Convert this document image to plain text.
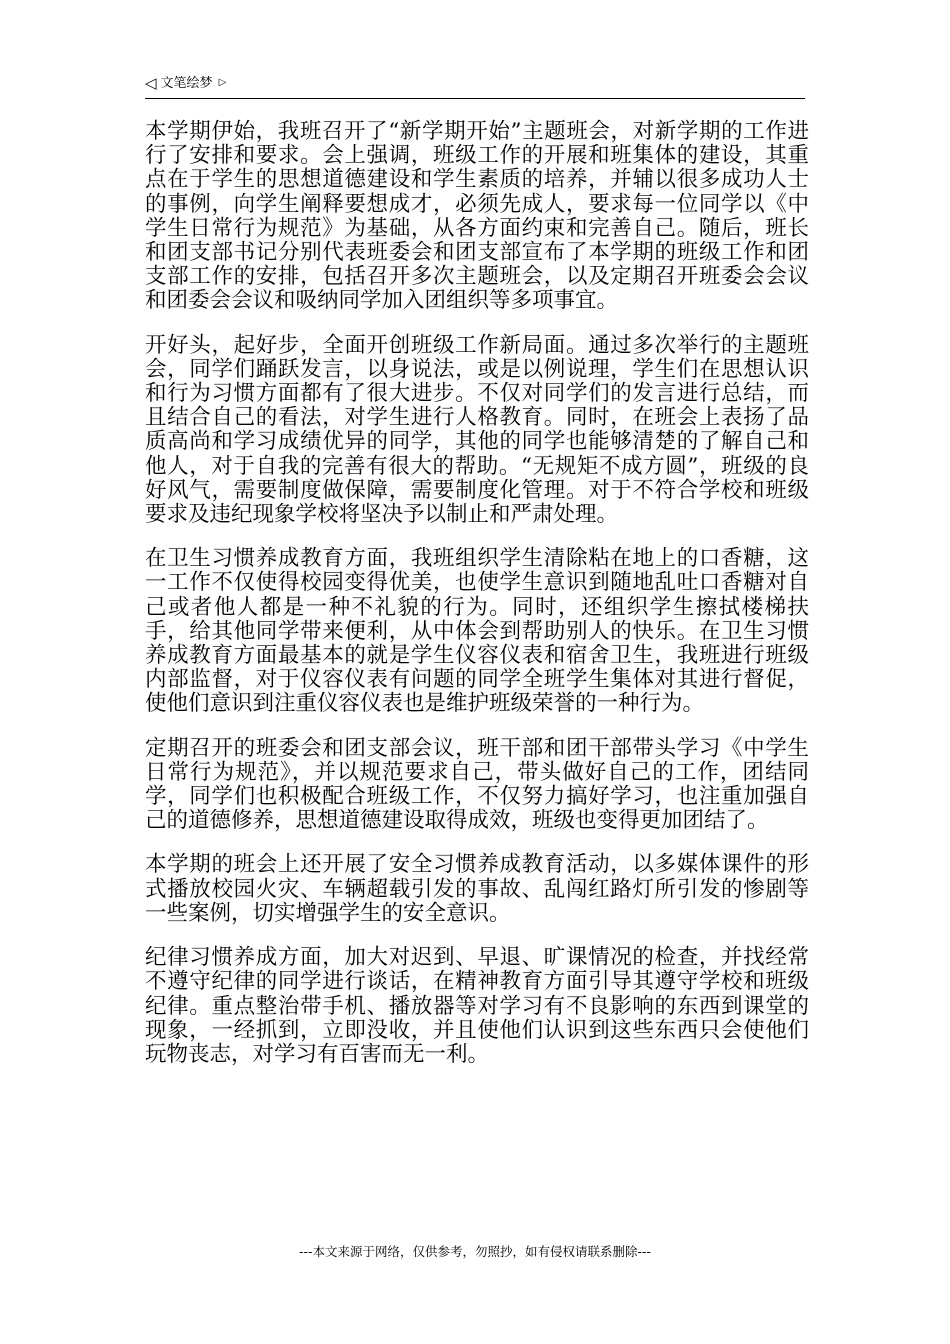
◁ 文笔绘梦 ▷

本学期伊始，我班召开了“新学期开始”主题班会，对新学期的工作进行了安排和要求。会上强调，班级工作的开展和班集体的建设，其重点在于学生的思想道德建设和学生素质的培养，并辅以很多成功人士的事例，向学生阐释要想成才，必须先成人，要求每一位同学以《中学生日常行为规范》为基础，从各方面约束和完善自己。随后，班长和团支部书记分别代表班委会和团支部宣布了本学期的班级工作和团支部工作的安排，包括召开多次主题班会，以及定期召开班委会会议和团委会会议和吸纳同学加入团组织等多项事宜。

开好头，起好步，全面开创班级工作新局面。通过多次举行的主题班会，同学们踊跃发言，以身说法，或是以例说理，学生们在思想认识和行为习惯方面都有了很大进步。不仅对同学们的发言进行总结，而且结合自己的看法，对学生进行人格教育。同时，在班会上表扬了品质高尚和学习成绩优异的同学，其他的同学也能够清楚的了解自己和他人，对于自我的完善有很大的帮助。“无规矩不成方圆”，班级的良好风气，需要制度做保障，需要制度化管理。对于不符合学校和班级要求及违纪现象学校将坚决予以制止和严肃处理。

在卫生习惯养成教育方面，我班组织学生清除粘在地上的口香糖，这一工作不仅使得校园变得优美，也使学生意识到随地乱吐口香糖对自己或者他人都是一种不礼貌的行为。同时，还组织学生擦拭楼梯扶手，给其他同学带来便利，从中体会到帮助别人的快乐。在卫生习惯养成教育方面最基本的就是学生仪容仪表和宿舍卫生，我班进行班级内部监督，对于仪容仪表有问题的同学全班学生集体对其进行督促，使他们意识到注重仪容仪表也是维护班级荣誉的一种行为。

定期召开的班委会和团支部会议，班干部和团干部带头学习《中学生日常行为规范》，并以规范要求自己，带头做好自己的工作，团结同学，同学们也积极配合班级工作，不仅努力搞好学习，也注重加强自己的道德修养，思想道德建设取得成效，班级也变得更加团结了。

本学期的班会上还开展了安全习惯养成教育活动，以多媒体课件的形式播放校园火灾、车辆超载引发的事故、乱闯红路灯所引发的惨剧等一些案例，切实增强学生的安全意识。

纪律习惯养成方面，加大对迟到、早退、旷课情况的检查，并找经常不遵守纪律的同学进行谈话，在精神教育方面引导其遵守学校和班级纪律。重点整治带手机、播放器等对学习有不良影响的东西到课堂的现象，一经抓到，立即没收，并且使他们认识到这些东西只会使他们玩物丧志，对学习有百害而无一利。

---本文来源于网络，仅供参考，勿照抄，如有侵权请联系删除---
